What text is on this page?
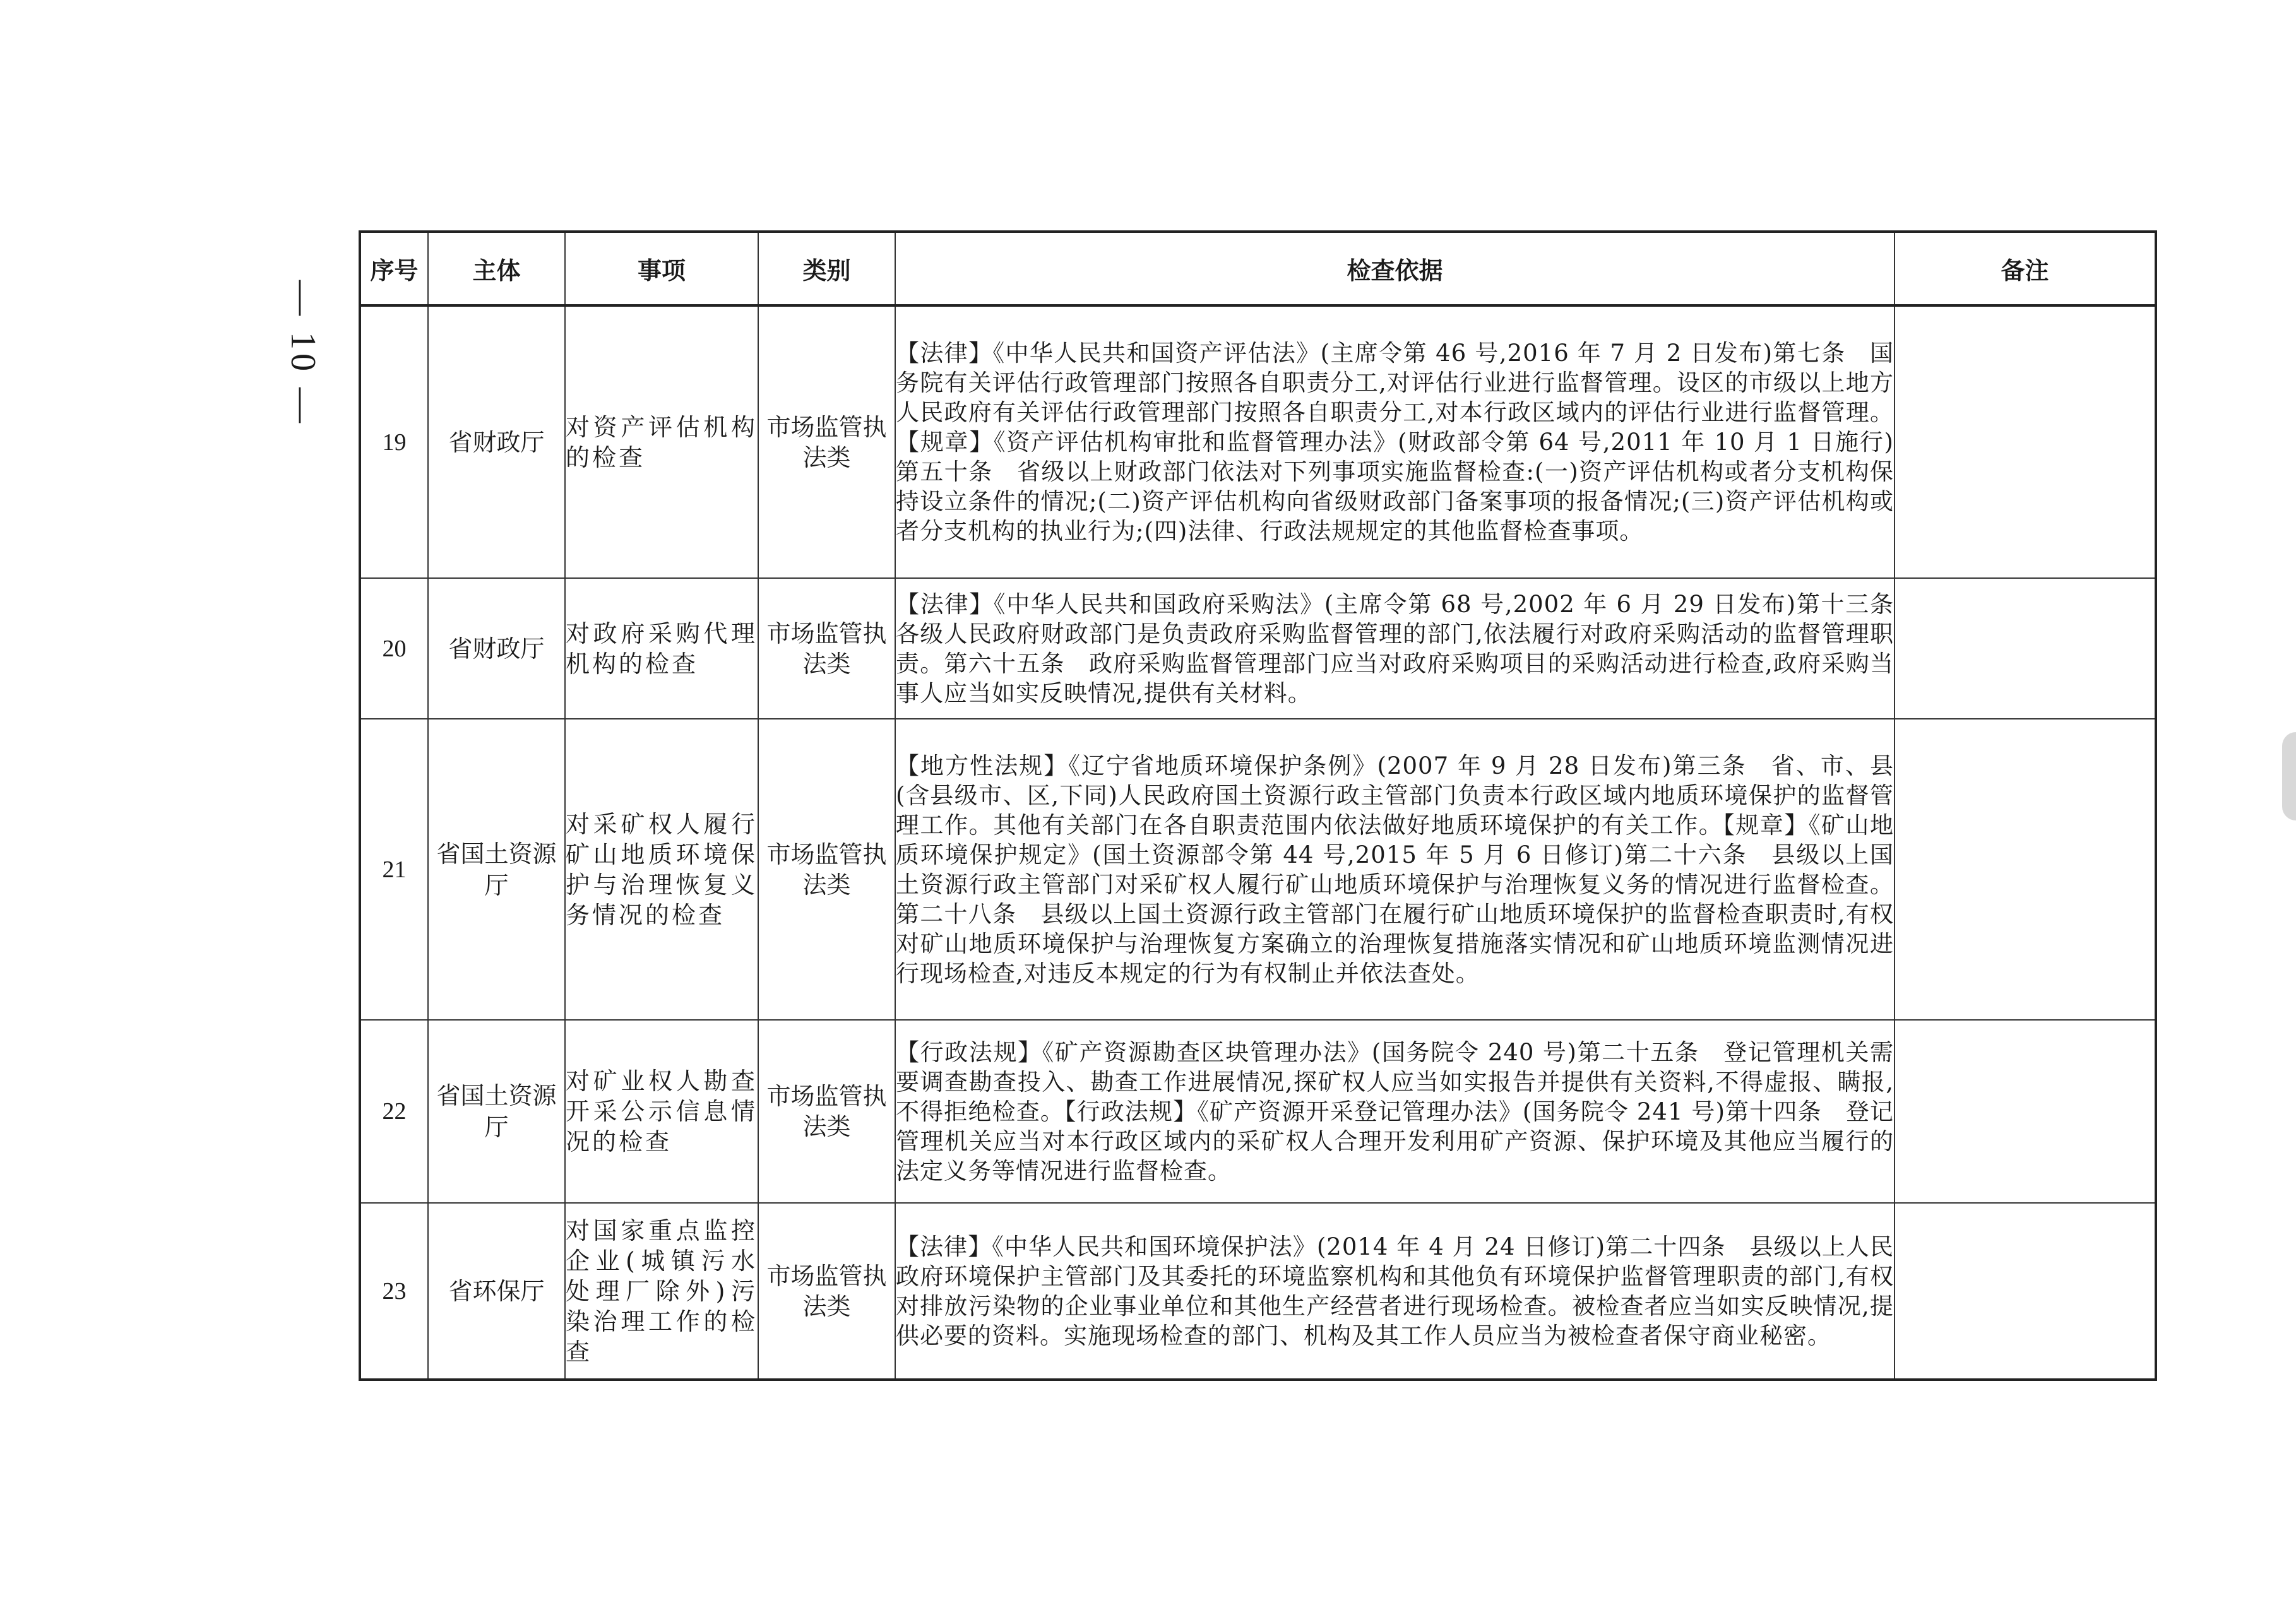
— 10 —
序号	主体	事项	类别	检查依据	备注
19	省财政厅	对资产评估机构的检查	市场监管执法类	【法律】《中华人民共和国资产评估法》(主席令第 46 号,2016 年 7 月 2 日发布)第七条　国务院有关评估行政管理部门按照各自职责分工,对评估行业进行监督管理。设区的市级以上地方人民政府有关评估行政管理部门按照各自职责分工,对本行政区域内的评估行业进行监督管理。【规章】《资产评估机构审批和监督管理办法》(财政部令第 64 号,2011 年 10 月 1 日施行)第五十条　省级以上财政部门依法对下列事项实施监督检查:(一)资产评估机构或者分支机构保持设立条件的情况;(二)资产评估机构向省级财政部门备案事项的报备情况;(三)资产评估机构或者分支机构的执业行为;(四)法律、行政法规规定的其他监督检查事项。	
20	省财政厅	对政府采购代理机构的检查	市场监管执法类	【法律】《中华人民共和国政府采购法》(主席令第 68 号,2002 年 6 月 29 日发布)第十三条　各级人民政府财政部门是负责政府采购监督管理的部门,依法履行对政府采购活动的监督管理职责。第六十五条　政府采购监督管理部门应当对政府采购项目的采购活动进行检查,政府采购当事人应当如实反映情况,提供有关材料。	
21	省国土资源厅	对采矿权人履行矿山地质环境保护与治理恢复义务情况的检查	市场监管执法类	【地方性法规】《辽宁省地质环境保护条例》(2007 年 9 月 28 日发布)第三条　省、市、县(含县级市、区,下同)人民政府国土资源行政主管部门负责本行政区域内地质环境保护的监督管理工作。其他有关部门在各自职责范围内依法做好地质环境保护的有关工作。【规章】《矿山地质环境保护规定》(国土资源部令第 44 号,2015 年 5 月 6 日修订)第二十六条　县级以上国土资源行政主管部门对采矿权人履行矿山地质环境保护与治理恢复义务的情况进行监督检查。第二十八条　县级以上国土资源行政主管部门在履行矿山地质环境保护的监督检查职责时,有权对矿山地质环境保护与治理恢复方案确立的治理恢复措施落实情况和矿山地质环境监测情况进行现场检查,对违反本规定的行为有权制止并依法查处。	
22	省国土资源厅	对矿业权人勘查开采公示信息情况的检查	市场监管执法类	【行政法规】《矿产资源勘查区块管理办法》(国务院令 240 号)第二十五条　登记管理机关需要调查勘查投入、勘查工作进展情况,探矿权人应当如实报告并提供有关资料,不得虚报、瞒报,不得拒绝检查。【行政法规】《矿产资源开采登记管理办法》(国务院令 241 号)第十四条　登记管理机关应当对本行政区域内的采矿权人合理开发利用矿产资源、保护环境及其他应当履行的法定义务等情况进行监督检查。	
23	省环保厅	对国家重点监控企业(城镇污水处理厂除外)污染治理工作的检查	市场监管执法类	【法律】《中华人民共和国环境保护法》(2014 年 4 月 24 日修订)第二十四条　县级以上人民政府环境保护主管部门及其委托的环境监察机构和其他负有环境保护监督管理职责的部门,有权对排放污染物的企业事业单位和其他生产经营者进行现场检查。被检查者应当如实反映情况,提供必要的资料。实施现场检查的部门、机构及其工作人员应当为被检查者保守商业秘密。	
